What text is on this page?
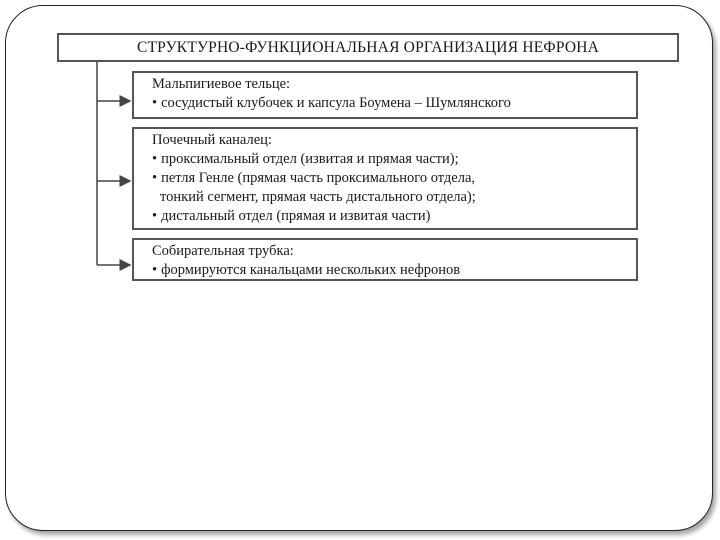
СТРУКТУРНО-ФУНКЦИОНАЛЬНАЯ ОРГАНИЗАЦИЯ НЕФРОНА
Мальпигиевое тельце:
• сосудистый клубочек и капсула Боумена – Шумлянского
Почечный каналец:
• проксимальный отдел (извитая и прямая части);
• петля Генле (прямая часть проксимального отдела,
тонкий сегмент, прямая часть дистального отдела);
• дистальный отдел (прямая и извитая части)
Собирательная трубка:
• формируются канальцами нескольких нефронов
